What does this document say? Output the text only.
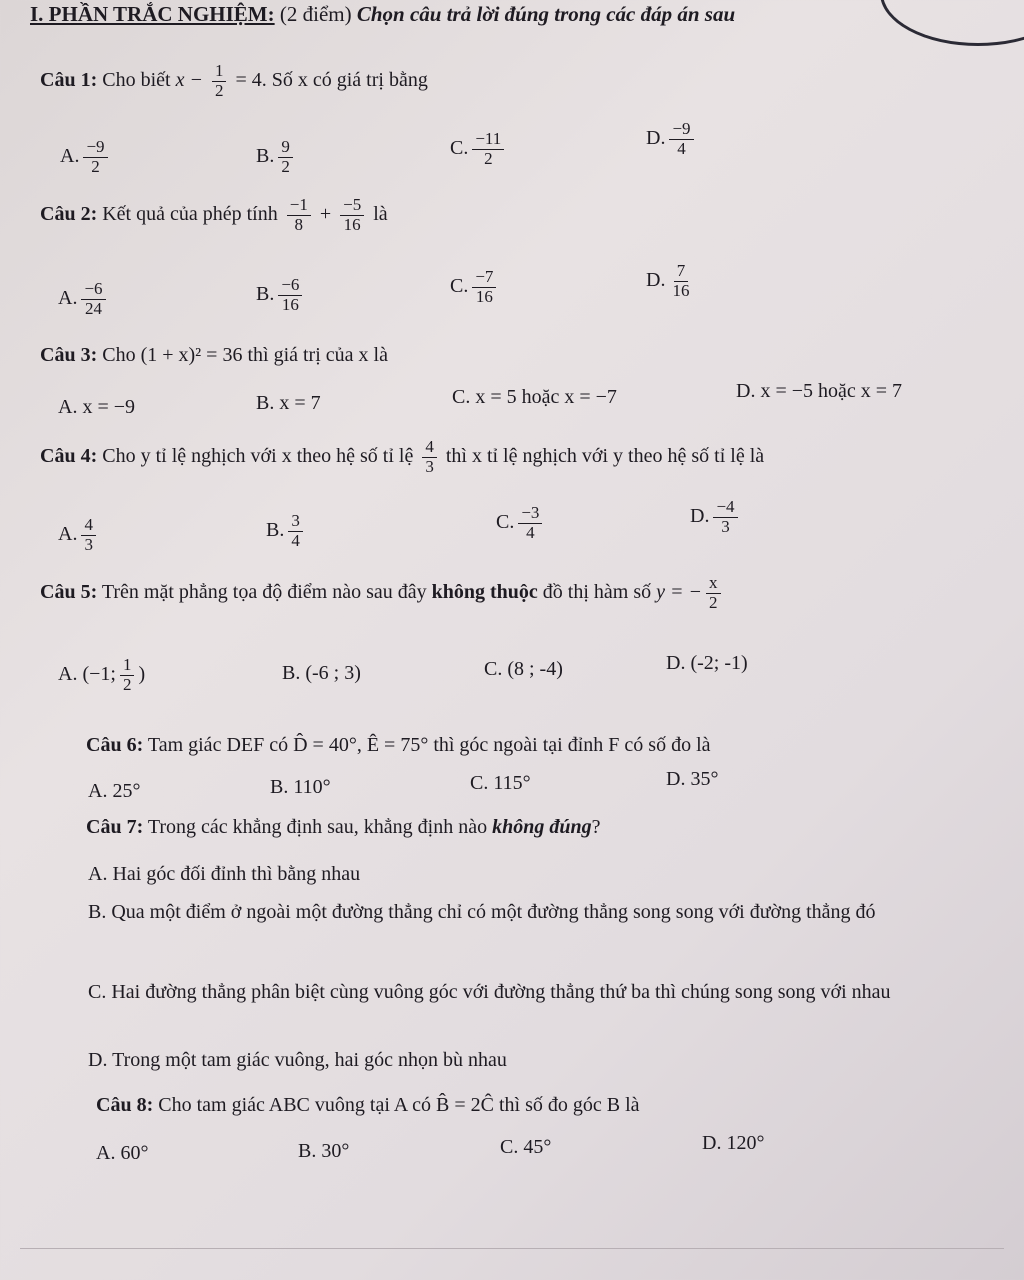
I. PHẦN TRẮC NGHIỆM: (2 điểm) Chọn câu trả lời đúng trong các đáp án sau
Câu 1: Cho biết $x - \frac{1}{2} = 4$. Số x có giá trị bằng
A. $\frac{-9}{2}$	B. $\frac{9}{2}$	C. $\frac{-11}{2}$	D. $\frac{-9}{4}$
Câu 2: Kết quả của phép tính $\frac{-1}{8} + \frac{-5}{16}$ là
A. $\frac{-6}{24}$	B. $\frac{-6}{16}$	C. $\frac{-7}{16}$	D. $\frac{7}{16}$
Câu 3: Cho (1 + x)² = 36 thì giá trị của x là
A. x = −9	B. x = 7	C. x = 5 hoặc x = −7	D. x = −5 hoặc x = 7
Câu 4: Cho y tỉ lệ nghịch với x theo hệ số tỉ lệ $\frac{4}{3}$ thì x tỉ lệ nghịch với y theo hệ số tỉ lệ là
A. $\frac{4}{3}$	B. $\frac{3}{4}$	C. $\frac{-3}{4}$	D. $\frac{-4}{3}$
Câu 5: Trên mặt phẳng tọa độ điểm nào sau đây không thuộc đồ thị hàm số y = − $\frac{x}{2}$
A. (−1; $\frac{1}{2}$ )	B. (-6 ; 3)	C. (8 ; -4)	D. (-2; -1)
Câu 6: Tam giác DEF có D̂ = 40°, Ê = 75° thì góc ngoài tại đỉnh F có số đo là
A. 25°	B. 110°	C. 115°	D. 35°
Câu 7: Trong các khẳng định sau, khẳng định nào không đúng?
A. Hai góc đối đỉnh thì bằng nhau
B. Qua một điểm ở ngoài một đường thẳng chỉ có một đường thẳng song song với đường thẳng đó
C. Hai đường thẳng phân biệt cùng vuông góc với đường thẳng thứ ba thì chúng song song với nhau
D. Trong một tam giác vuông, hai góc nhọn bù nhau
Câu 8: Cho tam giác ABC vuông tại A có B̂ = 2Ĉ thì số đo góc B là
A. 60°	B. 30°	C. 45°	D. 120°
